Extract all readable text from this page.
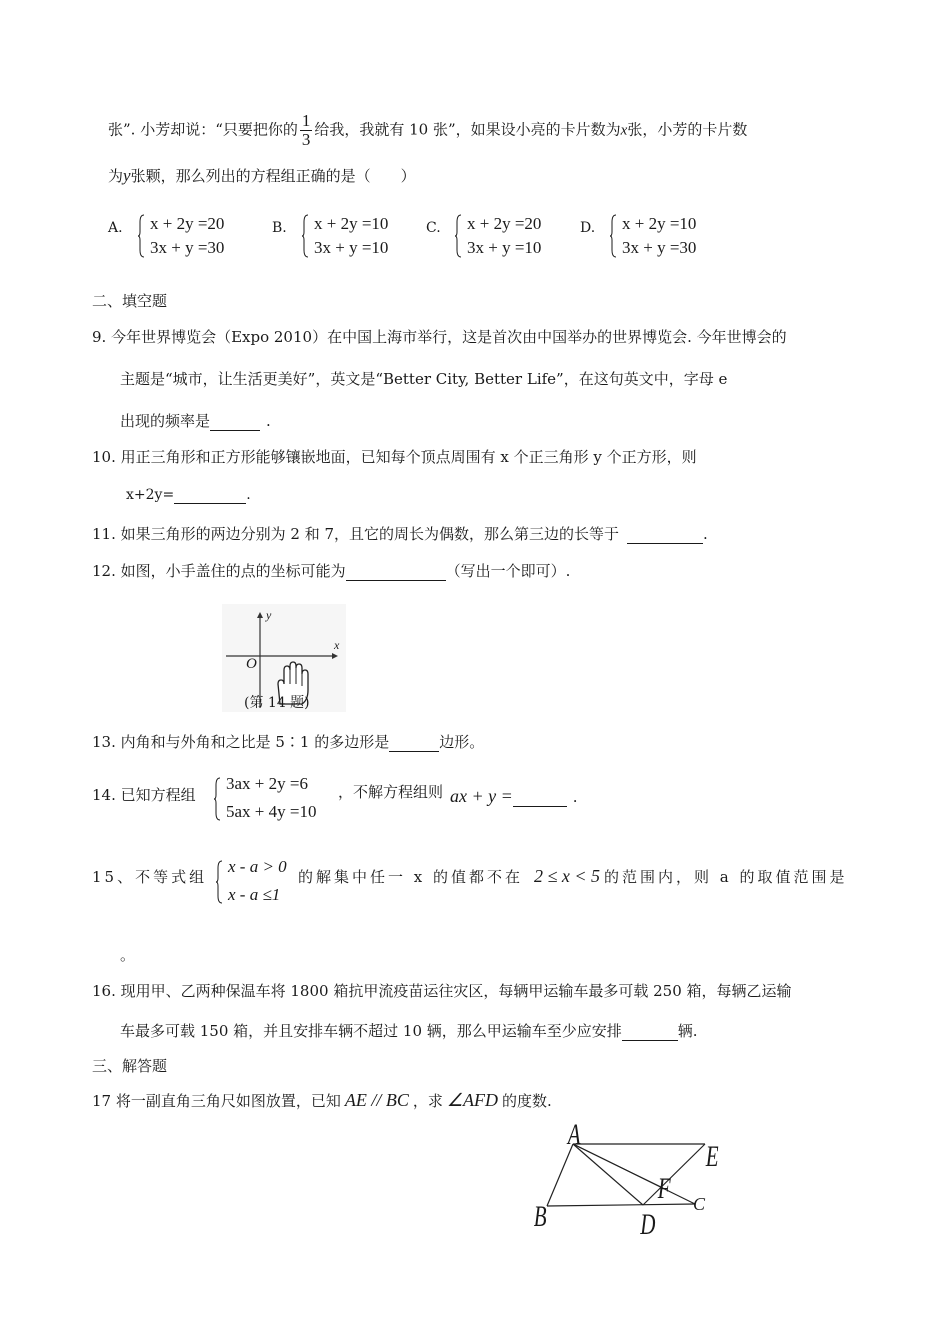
张”. 小芳却说：“只要把你的 $\frac{1}{3}$ 给我，我就有 10 张”，如果设小亮的卡片数为x张，小芳的卡片数
为y张颗，那么列出的方程组正确的是（　　）
A. x + 2y =20
3x + y =30
B. x + 2y =10
3x + y =10
C. x + 2y =20
3x + y =10
D. x + 2y =10
3x + y =30
二、填空题
9. 今年世界博览会（Expo 2010）在中国上海市举行，这是首次由中国举办的世界博览会. 今年世博会的
主题是“城市，让生活更美好”，英文是“Better City, Better Life”，在这句英文中，字母 e
出现的频率是	.
10. 用正三角形和正方形能够镶嵌地面，已知每个顶点周围有 x 个正三角形 y 个正方形，则
x+2y=	.
11. 如果三角形的两边分别为 2 和 7，且它的周长为偶数，那么第三边的长等于	.
12. 如图，小手盖住的点的坐标可能为	（写出一个即可）.
y
x
O
(第 14 题)
13. 内角和与外角和之比是 5∶1 的多边形是	边形。
14. 已知方程组
3ax + 2y =6
5ax + 4y =10
，不解方程组则 ax + y =	.
15、不等式组
x - a > 0
x - a ≤1
的解集中任一 x 的值都不在 2 ≤ x < 5 的范围内，则 a 的取值范围是
。
16. 现用甲、乙两种保温车将 1800 箱抗甲流疫苗运往灾区，每辆甲运输车最多可载 250 箱，每辆乙运输
车最多可载 150 箱，并且安排车辆不超过 10 辆，那么甲运输车至少应安排	辆.
三、解答题
17 将一副直角三角尺如图放置，已知 AE // BC ，求 ∠AFD 的度数.
A
B	C
D
E
F
